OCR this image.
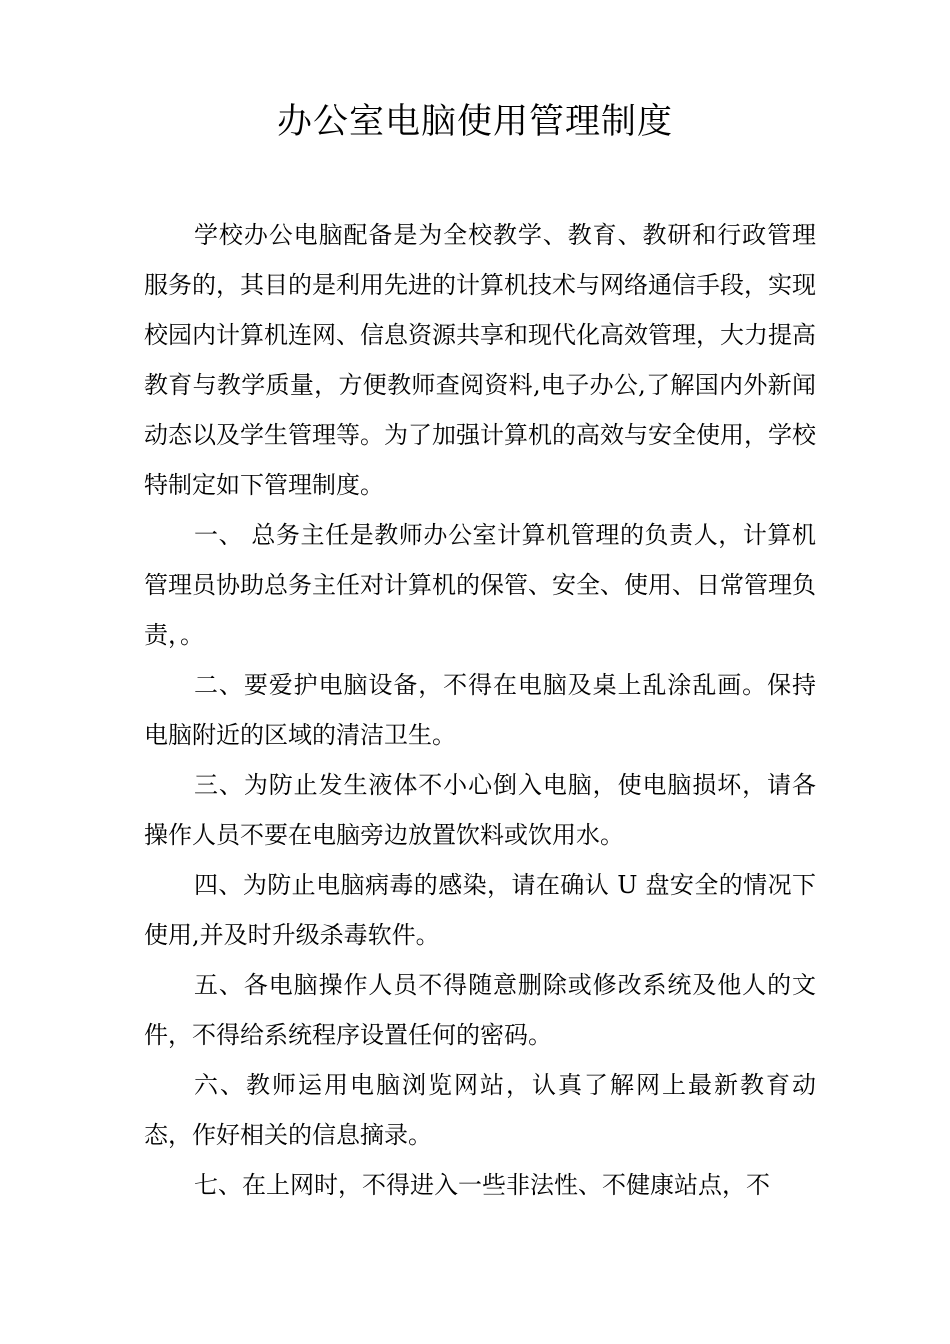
办公室电脑使用管理制度

学校办公电脑配备是为全校教学、教育、教研和行政管理服务的，其目的是利用先进的计算机技术与网络通信手段，实现校园内计算机连网、信息资源共享和现代化高效管理，大力提高教育与教学质量，方便教师查阅资料,电子办公,了解国内外新闻动态以及学生管理等。为了加强计算机的高效与安全使用，学校特制定如下管理制度。

一、 总务主任是教师办公室计算机管理的负责人，计算机管理员协助总务主任对计算机的保管、安全、使用、日常管理负责，。

二、要爱护电脑设备，不得在电脑及桌上乱涂乱画。保持电脑附近的区域的清洁卫生。

三、为防止发生液体不小心倒入电脑，使电脑损坏，请各操作人员不要在电脑旁边放置饮料或饮用水。

四、为防止电脑病毒的感染，请在确认 U 盘安全的情况下使用,并及时升级杀毒软件。

五、各电脑操作人员不得随意删除或修改系统及他人的文件，不得给系统程序设置任何的密码。

六、教师运用电脑浏览网站，认真了解网上最新教育动态，作好相关的信息摘录。

七、在上网时，不得进入一些非法性、不健康站点，不
